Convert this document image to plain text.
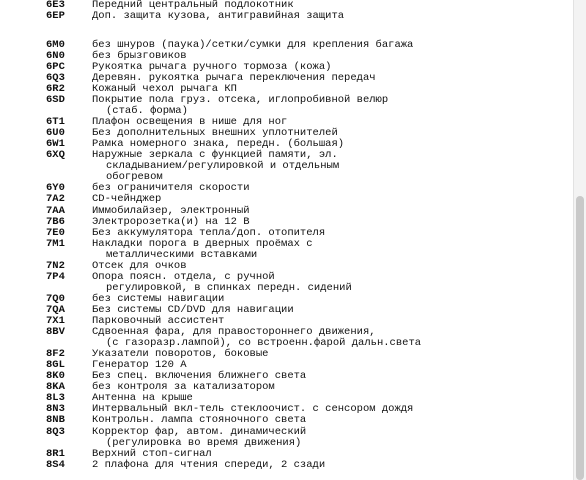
6E3	Передний центральный подлокотник
6EP	Доп. защита кузова, антигравийная защита
6M0	без шнуров (паука)/сетки/сумки для крепления багажа
6N0	без брызговиков
6PC	Рукоятка рычага ручного тормоза (кожа)
6Q3	Деревян. рукоятка рычага переключения передач
6R2	Кожаный чехол рычага КП
6SD	Покрытие пола груз. отсека, иглопробивной велюр
(стаб. форма)
6T1	Плафон освещения в нише для ног
6U0	Без дополнительных внешних уплотнителей
6W1	Рамка номерного знака, передн. (большая)
6XQ	Наружные зеркала с функцией памяти, эл.
складыванием/регулировкой и отдельным
обогревом
6Y0	без ограничителя скорости
7A2	CD-чейнджер
7AA	Иммобилайзер, электронный
7B6	Электророзетка(и) на 12 В
7E0	Без аккумулятора тепла/доп. отопителя
7M1	Накладки порога в дверных проёмах с
металлическими вставками
7N2	Отсек для очков
7P4	Опора поясн. отдела, с ручной
регулировкой, в спинках передн. сидений
7Q0	без системы навигации
7QA	Без системы CD/DVD для навигации
7X1	Парковочный ассистент
8BV	Сдвоенная фара, для правостороннего движения,
(с газоразр.лампой), со встроенн.фарой дальн.света
8F2	Указатели поворотов, боковые
8GL	Генератор 120 А
8K0	Без спец. включения ближнего света
8KA	без контроля за катализатором
8L3	Антенна на крыше
8N3	Интервальный вкл-тель стеклоочист. с сенсором дождя
8NB	Контрольн. лампа стояночного света
8Q3	Корректор фар, автом. динамический
(регулировка во время движения)
8R1	Верхний стоп-сигнал
8S4	2 плафона для чтения спереди, 2 сзади
